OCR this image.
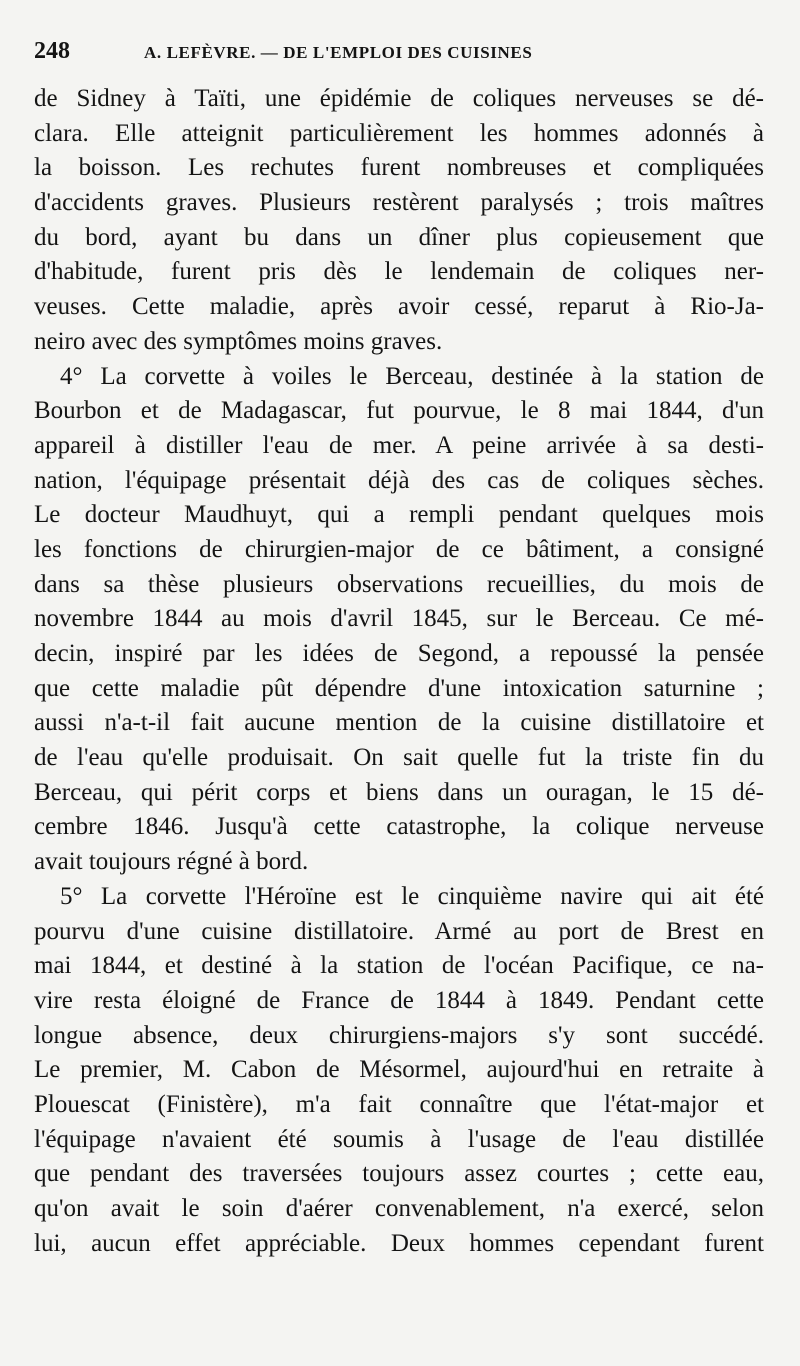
248	A. LEFÈVRE. — DE L'EMPLOI DES CUISINES
de Sidney à Taïti, une épidémie de coliques nerveuses se dé-
clara. Elle atteignit particulièrement les hommes adonnés à
la boisson. Les rechutes furent nombreuses et compliquées
d'accidents graves. Plusieurs restèrent paralysés ; trois maîtres
du bord, ayant bu dans un dîner plus copieusement que
d'habitude, furent pris dès le lendemain de coliques ner-
veuses. Cette maladie, après avoir cessé, reparut à Rio-Ja-
neiro avec des symptômes moins graves.
4° La corvette à voiles le Berceau, destinée à la station de
Bourbon et de Madagascar, fut pourvue, le 8 mai 1844, d'un
appareil à distiller l'eau de mer. A peine arrivée à sa desti-
nation, l'équipage présentait déjà des cas de coliques sèches.
Le docteur Maudhuyt, qui a rempli pendant quelques mois
les fonctions de chirurgien-major de ce bâtiment, a consigné
dans sa thèse plusieurs observations recueillies, du mois de
novembre 1844 au mois d'avril 1845, sur le Berceau. Ce mé-
decin, inspiré par les idées de Segond, a repoussé la pensée
que cette maladie pût dépendre d'une intoxication saturnine ;
aussi n'a-t-il fait aucune mention de la cuisine distillatoire et
de l'eau qu'elle produisait. On sait quelle fut la triste fin du
Berceau, qui périt corps et biens dans un ouragan, le 15 dé-
cembre 1846. Jusqu'à cette catastrophe, la colique nerveuse
avait toujours régné à bord.
5° La corvette l'Héroïne est le cinquième navire qui ait été
pourvu d'une cuisine distillatoire. Armé au port de Brest en
mai 1844, et destiné à la station de l'océan Pacifique, ce na-
vire resta éloigné de France de 1844 à 1849. Pendant cette
longue absence, deux chirurgiens-majors s'y sont succédé.
Le premier, M. Cabon de Mésormel, aujourd'hui en retraite à
Plouescat (Finistère), m'a fait connaître que l'état-major et
l'équipage n'avaient été soumis à l'usage de l'eau distillée
que pendant des traversées toujours assez courtes ; cette eau,
qu'on avait le soin d'aérer convenablement, n'a exercé, selon
lui, aucun effet appréciable. Deux hommes cependant furent
